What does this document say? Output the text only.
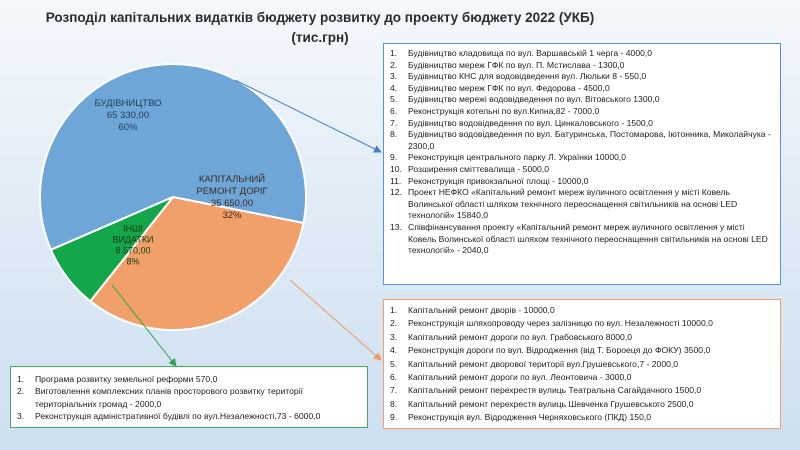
Розподіл капітальних видатків бюджету розвитку до проекту бюджету 2022 (УКБ)
(тис.грн)
БУДІВНИЦТВО 65 330,00 60%
КАПІТАЛЬНИЙ РЕМОНТ ДОРІГ 35 650,00 32%
ІНШІ ВИДАТКИ 8 570,00 8%
1.	Будівництво кладовища по вул. Варшавській 1 черга - 4000,0
2.	Будівництво мереж ГФК по вул. П. Мстислава - 1300,0
3.	Будівництво КНС для водовідведення вул. Люльки 8 - 550,0
4.	Будівництво мереж ГФК по вул. Федорова - 4500,0
5.	Будівництво мережі водовідведення по вул. Вітовського 1300,0
6.	Реконструкція котельні по вул.Кипна,82 - 7000,0
7.	Будівництво водовідведення по вул. Цинкаловського - 1500,0
8.	Будівництво водовідведення по вул. Батуринська, Постомарова, Іютонника, Миколайчука - 2300,0
9.	Реконструкція центрального парку Л. Українки 10000,0
10. Розширення сміттєвалища - 5000,0
11. Реконструкція привокзальної площі - 10000,0
12. Проект НЕФКО «Капітальний ремонт мереж вуличного освітлення у місті Ковель Волинської області шляхом технічного переоснащення світильників на основі LED технологій» 15840,0
13. Співфінансування проекту «Капітальний ремонт мереж вуличного освітлення у місті Ковель Волинської області шляхом технічного переоснащення світильників на основі LED технологій» - 2040,0
1.	Капітальний ремонт дворів - 10000,0
2.	Реконструкція шляхопроводу через залізницю по вул. Незалежності 10000,0
3.	Капітальний ремонт дороги по вул. Грабовського 8000,0
4.	Реконструкція дороги по вул. Відродження (від Т. Бороеця до ФОКУ) 3500,0
5.	Капітальний ремонт дворової території вул.Грушевського,7 - 2000,0
6.	Капітальний ремонт дороги по вул. Леонтовича - 3000,0
7.	Капітальний ремонт перехрестя вулиць Театральна Сагайдачного 1500,0
8.	Капітальний ремонт перехрестя вулиць Шевченка Грушевського 2500,0
9.	Реконструкція вул. Відродження Черняховського (ПКД) 150,0
1.	Програма розвитку земельної реформи 570,0
2.	Виготовлення комплексних планів просторового розвитку території територіальних громад - 2000,0
3.	Реконструкція адміністративної будівлі по вул.Незалежності,73 - 6000,0
